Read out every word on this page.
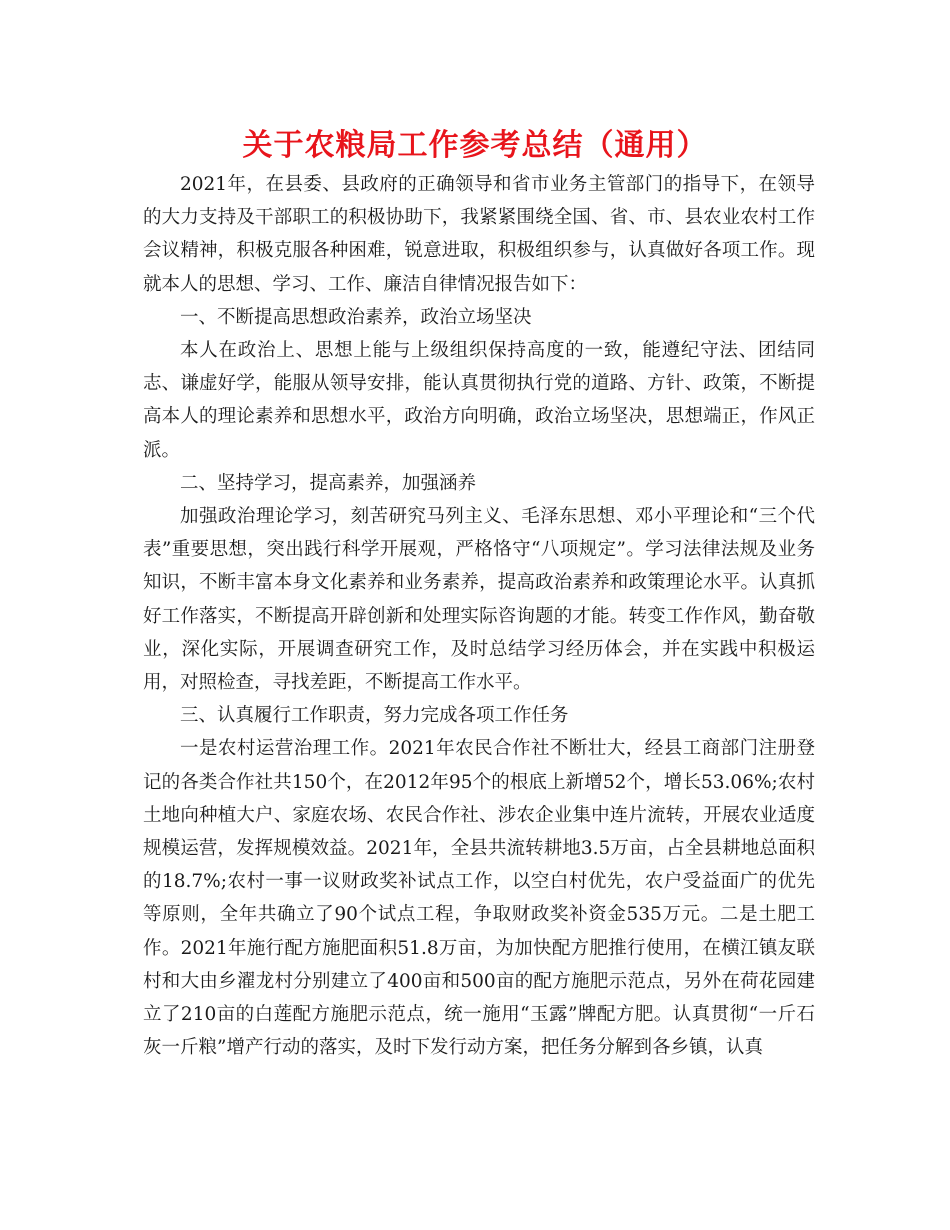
关于农粮局工作参考总结（通用）

2021年，在县委、县政府的正确领导和省市业务主管部门的指导下，在领导的大力支持及干部职工的积极协助下，我紧紧围绕全国、省、市、县农业农村工作会议精神，积极克服各种困难，锐意进取，积极组织参与，认真做好各项工作。现就本人的思想、学习、工作、廉洁自律情况报告如下：

一、不断提高思想政治素养，政治立场坚决

本人在政治上、思想上能与上级组织保持高度的一致，能遵纪守法、团结同志、谦虚好学，能服从领导安排，能认真贯彻执行党的道路、方针、政策，不断提高本人的理论素养和思想水平，政治方向明确，政治立场坚决，思想端正，作风正派。

二、坚持学习，提高素养，加强涵养

加强政治理论学习，刻苦研究马列主义、毛泽东思想、邓小平理论和“三个代表”重要思想，突出践行科学开展观，严格恪守“八项规定”。学习法律法规及业务知识，不断丰富本身文化素养和业务素养，提高政治素养和政策理论水平。认真抓好工作落实，不断提高开辟创新和处理实际咨询题的才能。转变工作作风，勤奋敬业，深化实际，开展调查研究工作，及时总结学习经历体会，并在实践中积极运用，对照检查，寻找差距，不断提高工作水平。

三、认真履行工作职责，努力完成各项工作任务

一是农村运营治理工作。2021年农民合作社不断壮大，经县工商部门注册登记的各类合作社共150个，在2012年95个的根底上新增52个，增长53.06%;农村土地向种植大户、家庭农场、农民合作社、涉农企业集中连片流转，开展农业适度规模运营，发挥规模效益。2021年，全县共流转耕地3.5万亩，占全县耕地总面积的18.7%;农村一事一议财政奖补试点工作，以空白村优先，农户受益面广的优先等原则，全年共确立了90个试点工程，争取财政奖补资金535万元。二是土肥工作。2021年施行配方施肥面积51.8万亩，为加快配方肥推行使用，在横江镇友联村和大由乡濯龙村分别建立了400亩和500亩的配方施肥示范点，另外在荷花园建立了210亩的白莲配方施肥示范点，统一施用“玉露”牌配方肥。认真贯彻“一斤石灰一斤粮”增产行动的落实，及时下发行动方案，把任务分解到各乡镇，认真
